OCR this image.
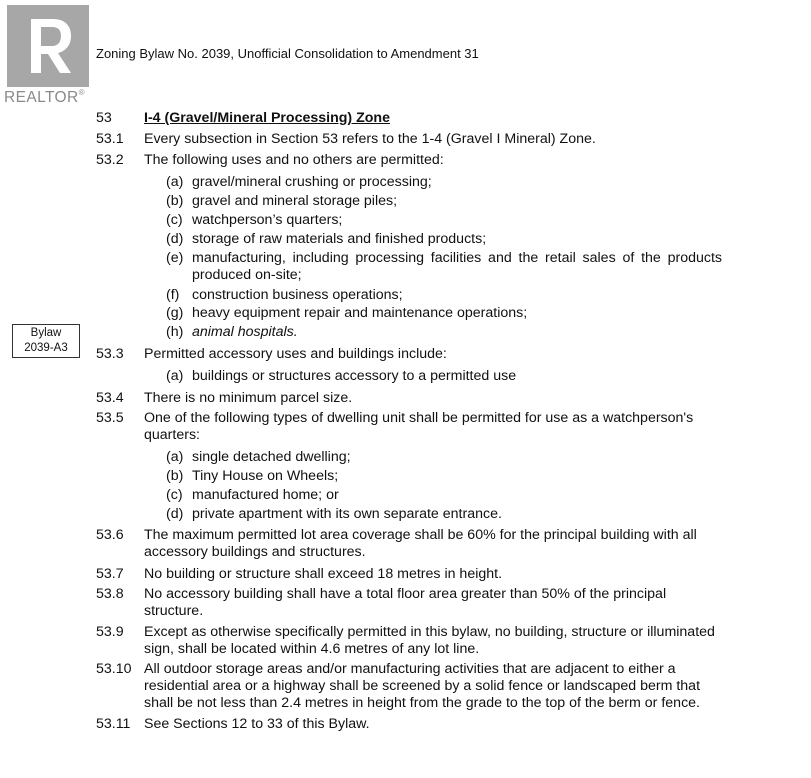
REALTOR®
Zoning Bylaw No. 2039, Unofficial Consolidation to Amendment 31
Bylaw
2039-A3
53 I-4 (Gravel/Mineral Processing) Zone
53.1 Every subsection in Section 53 refers to the 1-4 (Gravel I Mineral) Zone.
53.2 The following uses and no others are permitted:
(a) gravel/mineral crushing or processing;
(b) gravel and mineral storage piles;
(c) watchperson’s quarters;
(d) storage of raw materials and finished products;
(e) manufacturing, including processing facilities and the retail sales of the products produced on-site;
(f) construction business operations;
(g) heavy equipment repair and maintenance operations;
(h) animal hospitals.
53.3 Permitted accessory uses and buildings include:
(a) buildings or structures accessory to a permitted use
53.4 There is no minimum parcel size.
53.5 One of the following types of dwelling unit shall be permitted for use as a watchperson's quarters:
(a) single detached dwelling;
(b) Tiny House on Wheels;
(c) manufactured home; or
(d) private apartment with its own separate entrance.
53.6 The maximum permitted lot area coverage shall be 60% for the principal building with all accessory buildings and structures.
53.7 No building or structure shall exceed 18 metres in height.
53.8 No accessory building shall have a total floor area greater than 50% of the principal structure.
53.9 Except as otherwise specifically permitted in this bylaw, no building, structure or illuminated sign, shall be located within 4.6 metres of any lot line.
53.10 All outdoor storage areas and/or manufacturing activities that are adjacent to either a residential area or a highway shall be screened by a solid fence or landscaped berm that shall be not less than 2.4 metres in height from the grade to the top of the berm or fence.
53.11 See Sections 12 to 33 of this Bylaw.
